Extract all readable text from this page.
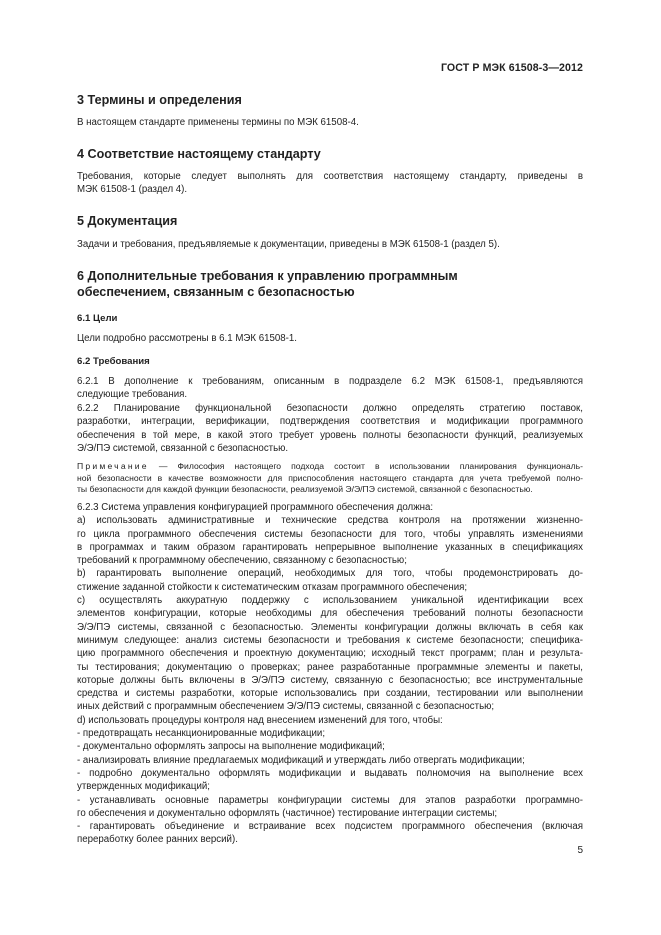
ГОСТ Р МЭК 61508-3—2012
3 Термины и определения
В настоящем стандарте применены термины по МЭК 61508-4.
4 Соответствие настоящему стандарту
Требования, которые следует выполнять для соответствия настоящему стандарту, приведены в
МЭК 61508-1 (раздел 4).
5 Документация
Задачи и требования, предъявляемые к документации, приведены в МЭК 61508-1 (раздел 5).
6 Дополнительные требования к управлению программным
обеспечением, связанным с безопасностью
6.1 Цели
Цели подробно рассмотрены в 6.1 МЭК 61508-1.
6.2 Требования
6.2.1 В дополнение к требованиям, описанным в подразделе 6.2 МЭК 61508-1, предъявляются
следующие требования.
6.2.2 Планирование функциональной безопасности должно определять стратегию поставок,
разработки, интеграции, верификации, подтверждения соответствия и модификации программного
обеспечения в той мере, в какой этого требует уровень полноты безопасности функций, реализуемых
Э/Э/ПЭ системой, связанной с безопасностью.
Примечание — Философия настоящего подхода состоит в использовании планирования функциональ-
ной безопасности в качестве возможности для приспособления настоящего стандарта для учета требуемой полно-
ты безопасности для каждой функции безопасности, реализуемой Э/Э/ПЭ системой, связанной с безопасностью.
6.2.3 Система управления конфигурацией программного обеспечения должна:
а) использовать административные и технические средства контроля на протяжении жизненно-
го цикла программного обеспечения системы безопасности для того, чтобы управлять изменениями
в программах и таким образом гарантировать непрерывное выполнение указанных в спецификациях
требований к программному обеспечению, связанному с безопасностью;
b) гарантировать выполнение операций, необходимых для того, чтобы продемонстрировать до-
стижение заданной стойкости к систематическим отказам программного обеспечения;
c) осуществлять аккуратную поддержку с использованием уникальной идентификации всех
элементов конфигурации, которые необходимы для обеспечения требований полноты безопасности
Э/Э/ПЭ системы, связанной с безопасностью. Элементы конфигурации должны включать в себя как
минимум следующее: анализ системы безопасности и требования к системе безопасности; специфика-
цию программного обеспечения и проектную документацию; исходный текст программ; план и результа-
ты тестирования; документацию о проверках; ранее разработанные программные элементы и пакеты,
которые должны быть включены в Э/Э/ПЭ систему, связанную с безопасностью; все инструментальные
средства и системы разработки, которые использовались при создании, тестировании или выполнении
иных действий с программным обеспечением Э/Э/ПЭ системы, связанной с безопасностью;
d) использовать процедуры контроля над внесением изменений для того, чтобы:
- предотвращать несанкционированные модификации;
- документально оформлять запросы на выполнение модификаций;
- анализировать влияние предлагаемых модификаций и утверждать либо отвергать модификации;
- подробно документально оформлять модификации и выдавать полномочия на выполнение всех
утвержденных модификаций;
- устанавливать основные параметры конфигурации системы для этапов разработки программно-
го обеспечения и документально оформлять (частичное) тестирование интеграции системы;
- гарантировать объединение и встраивание всех подсистем программного обеспечения (включая
переработку более ранних версий).
5
